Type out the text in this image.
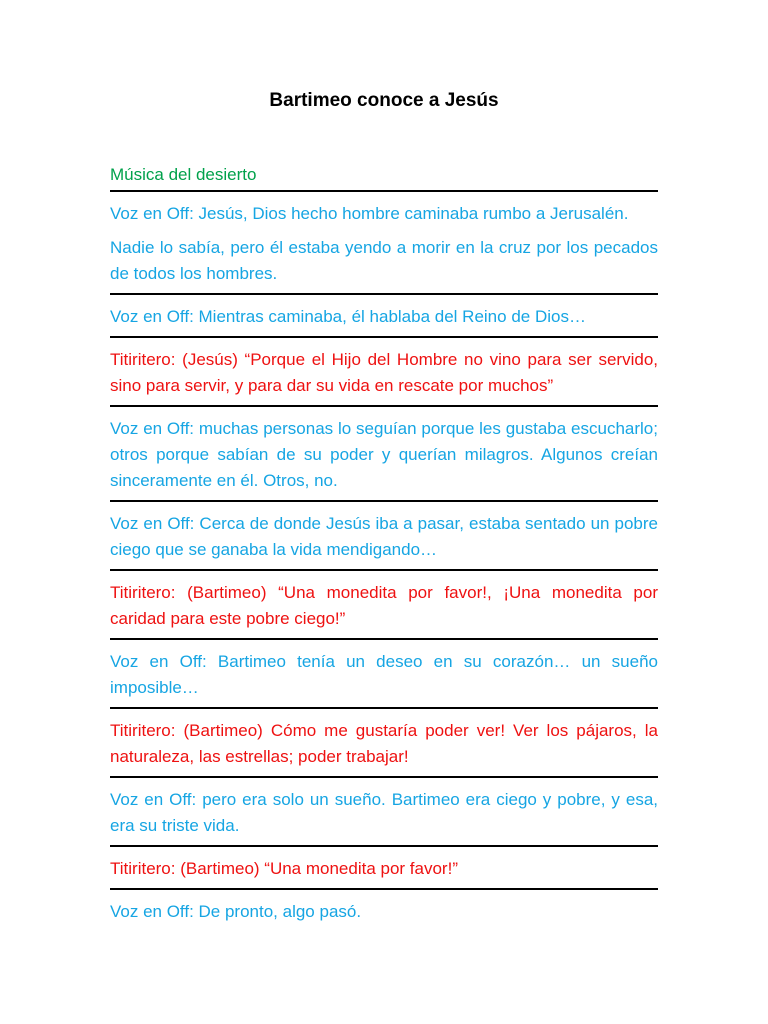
Bartimeo conoce a Jesús

Música del desierto

Voz en Off: Jesús, Dios hecho hombre caminaba rumbo a Jerusalén.

Nadie lo sabía, pero él estaba yendo a morir en la cruz por los pecados de todos los hombres.

Voz en Off: Mientras caminaba, él hablaba del Reino de Dios…

Titiritero: (Jesús) “Porque el Hijo del Hombre no vino para ser servido, sino para servir, y para dar su vida en rescate por muchos”

Voz en Off: muchas personas lo seguían porque les gustaba escucharlo; otros porque sabían de su poder y querían milagros. Algunos creían sinceramente en él. Otros, no.

Voz en Off: Cerca de donde Jesús iba a pasar, estaba sentado un pobre ciego que se ganaba la vida mendigando…

Titiritero: (Bartimeo) “Una monedita por favor!, ¡Una monedita por caridad para este pobre ciego!”

Voz en Off: Bartimeo tenía un deseo en su corazón… un sueño imposible…

Titiritero: (Bartimeo) Cómo me gustaría poder ver! Ver los pájaros, la naturaleza, las estrellas; poder trabajar!

Voz en Off: pero era solo un sueño. Bartimeo era ciego y pobre, y esa, era su triste vida.

Titiritero: (Bartimeo) “Una monedita por favor!”

Voz en Off: De pronto, algo pasó.
